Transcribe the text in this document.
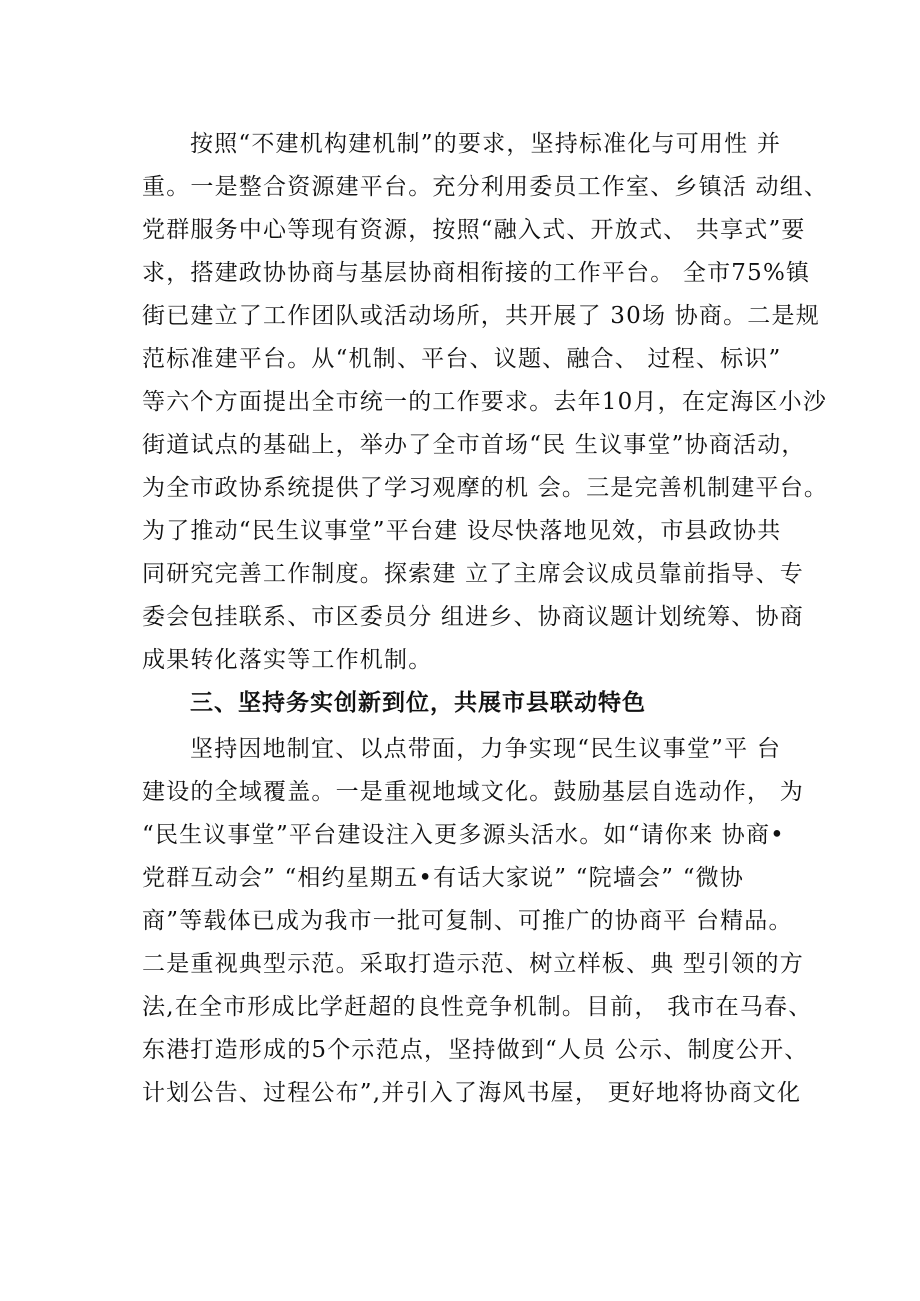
按照“不建机构建机制”的要求，坚持标准化与可用性 并
重。一是整合资源建平台。充分利用委员工作室、乡镇活 动组、
党群服务中心等现有资源，按照“融入式、开放式、 共享式”要
求，搭建政协协商与基层协商相衔接的工作平台。 全市75%镇
街已建立了工作团队或活动场所，共开展了 30场 协商。二是规
范标准建平台。从“机制、平台、议题、融合、 过程、标识”
等六个方面提出全市统一的工作要求。去年10月，在定海区小沙
街道试点的基础上，举办了全市首场“民 生议事堂”协商活动，
为全市政协系统提供了学习观摩的机 会。三是完善机制建平台。
为了推动“民生议事堂”平台建 设尽快落地见效，市县政协共
同研究完善工作制度。探索建 立了主席会议成员靠前指导、专
委会包挂联系、市区委员分 组进乡、协商议题计划统筹、协商
成果转化落实等工作机制。
三、坚持务实创新到位，共展市县联动特色
坚持因地制宜、以点带面，力争实现“民生议事堂”平 台
建设的全域覆盖。一是重视地域文化。鼓励基层自选动作， 为
“民生议事堂”平台建设注入更多源头活水。如“请你来 协商•
党群互动会” “相约星期五•有话大家说” “院墙会” “微协
商”等载体已成为我市一批可复制、可推广的协商平 台精品。
二是重视典型示范。采取打造示范、树立样板、典 型引领的方
法,在全市形成比学赶超的良性竞争机制。目前， 我市在马春、
东港打造形成的5个示范点，坚持做到“人员 公示、制度公开、
计划公告、过程公布”,并引入了海风书屋， 更好地将协商文化
